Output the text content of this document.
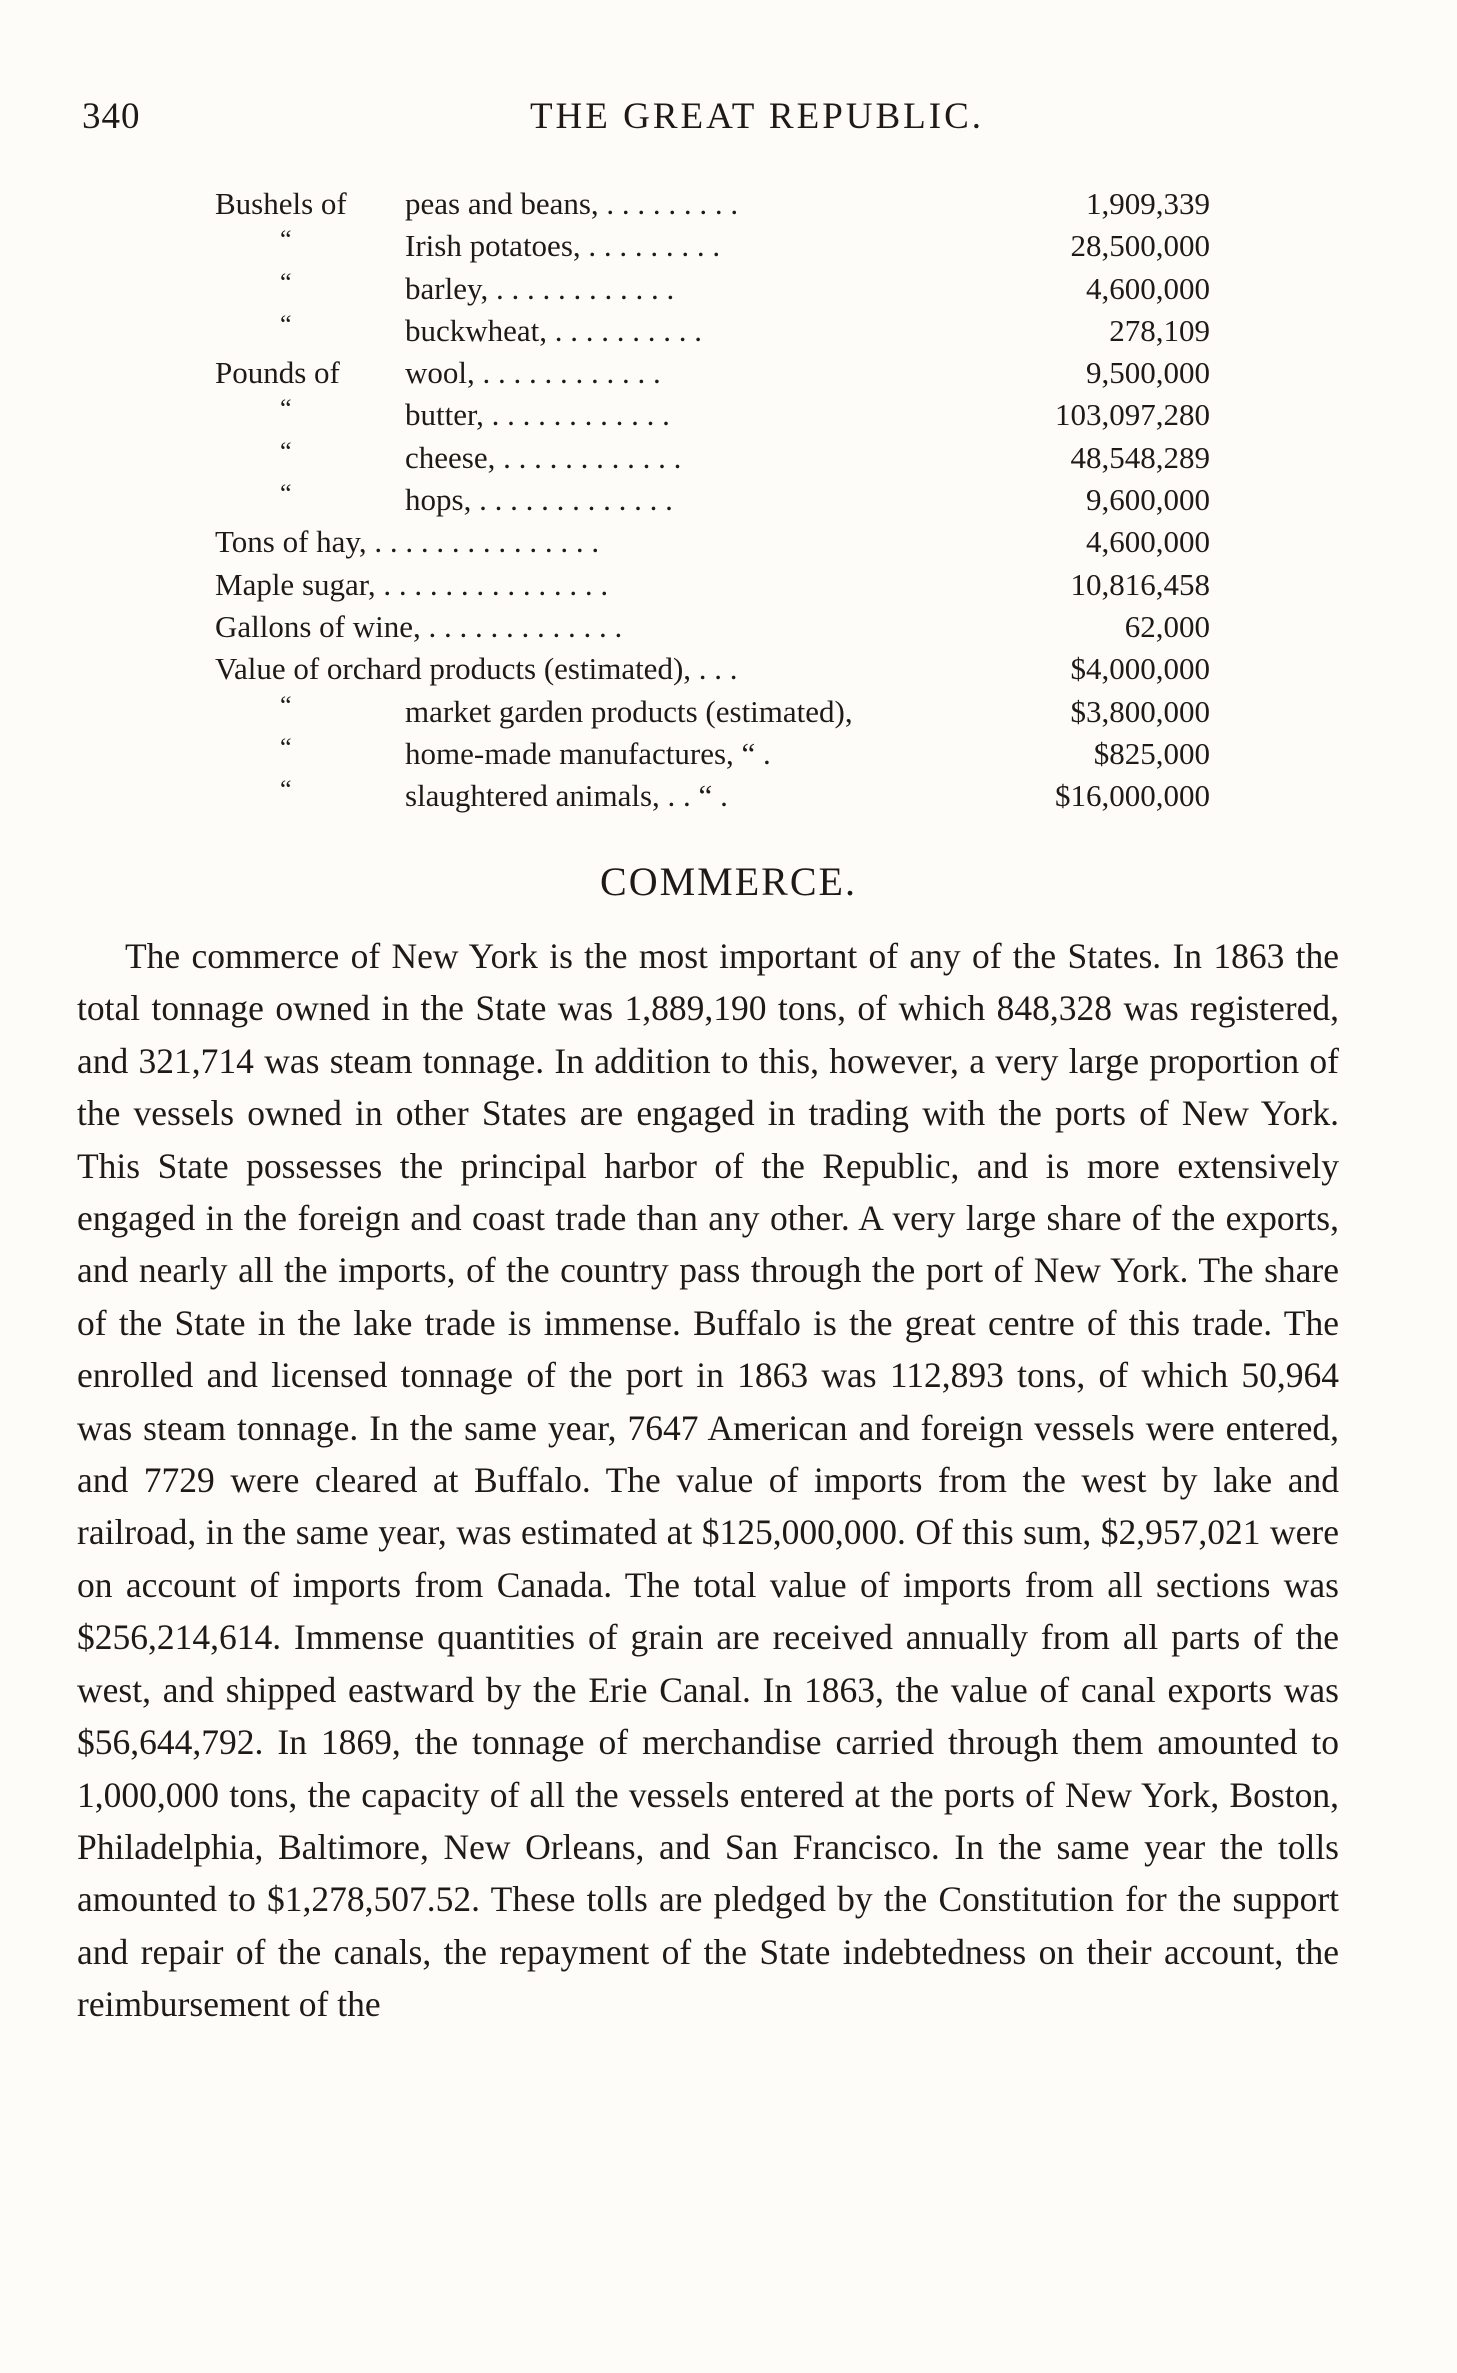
340	THE GREAT REPUBLIC.
Bushels of peas and beans, . . . . . . . . .	1,909,339
“	Irish potatoes, . . . . . . . . .	28,500,000
“	barley, . . . . . . . . . . . .	4,600,000
“	buckwheat, . . . . . . . . . .	278,109
Pounds of wool, . . . . . . . . . . . .	9,500,000
“	butter, . . . . . . . . . . . .	103,097,280
“	cheese, . . . . . . . . . . . .	48,548,289
“	hops, . . . . . . . . . . . . .	9,600,000
Tons of hay, . . . . . . . . . . . . . . .	4,600,000
Maple sugar, . . . . . . . . . . . . . . .	10,816,458
Gallons of wine, . . . . . . . . . . . . .	62,000
Value of orchard products (estimated), . . .	$4,000,000
“	market garden products (estimated),	$3,800,000
“	home-made manufactures, “ .	$825,000
“	slaughtered animals, . . “ .	$16,000,000
COMMERCE.
The commerce of New York is the most important of any of the States. In 1863 the total tonnage owned in the State was 1,889,190 tons, of which 848,328 was registered, and 321,714 was steam tonnage. In addition to this, however, a very large proportion of the vessels owned in other States are engaged in trading with the ports of New York. This State possesses the principal harbor of the Republic, and is more extensively engaged in the foreign and coast trade than any other. A very large share of the exports, and nearly all the imports, of the country pass through the port of New York. The share of the State in the lake trade is immense. Buffalo is the great centre of this trade. The enrolled and licensed tonnage of the port in 1863 was 112,893 tons, of which 50,964 was steam tonnage. In the same year, 7647 American and foreign vessels were entered, and 7729 were cleared at Buffalo. The value of imports from the west by lake and railroad, in the same year, was estimated at $125,000,000. Of this sum, $2,957,021 were on account of imports from Canada. The total value of imports from all sections was $256,214,614. Immense quantities of grain are received annually from all parts of the west, and shipped eastward by the Erie Canal. In 1863, the value of canal exports was $56,644,792. In 1869, the tonnage of merchandise carried through them amounted to 1,000,000 tons, the capacity of all the vessels entered at the ports of New York, Boston, Philadelphia, Baltimore, New Orleans, and San Francisco. In the same year the tolls amounted to $1,278,507.52. These tolls are pledged by the Constitution for the support and repair of the canals, the repayment of the State indebtedness on their account, the reimbursement of the
